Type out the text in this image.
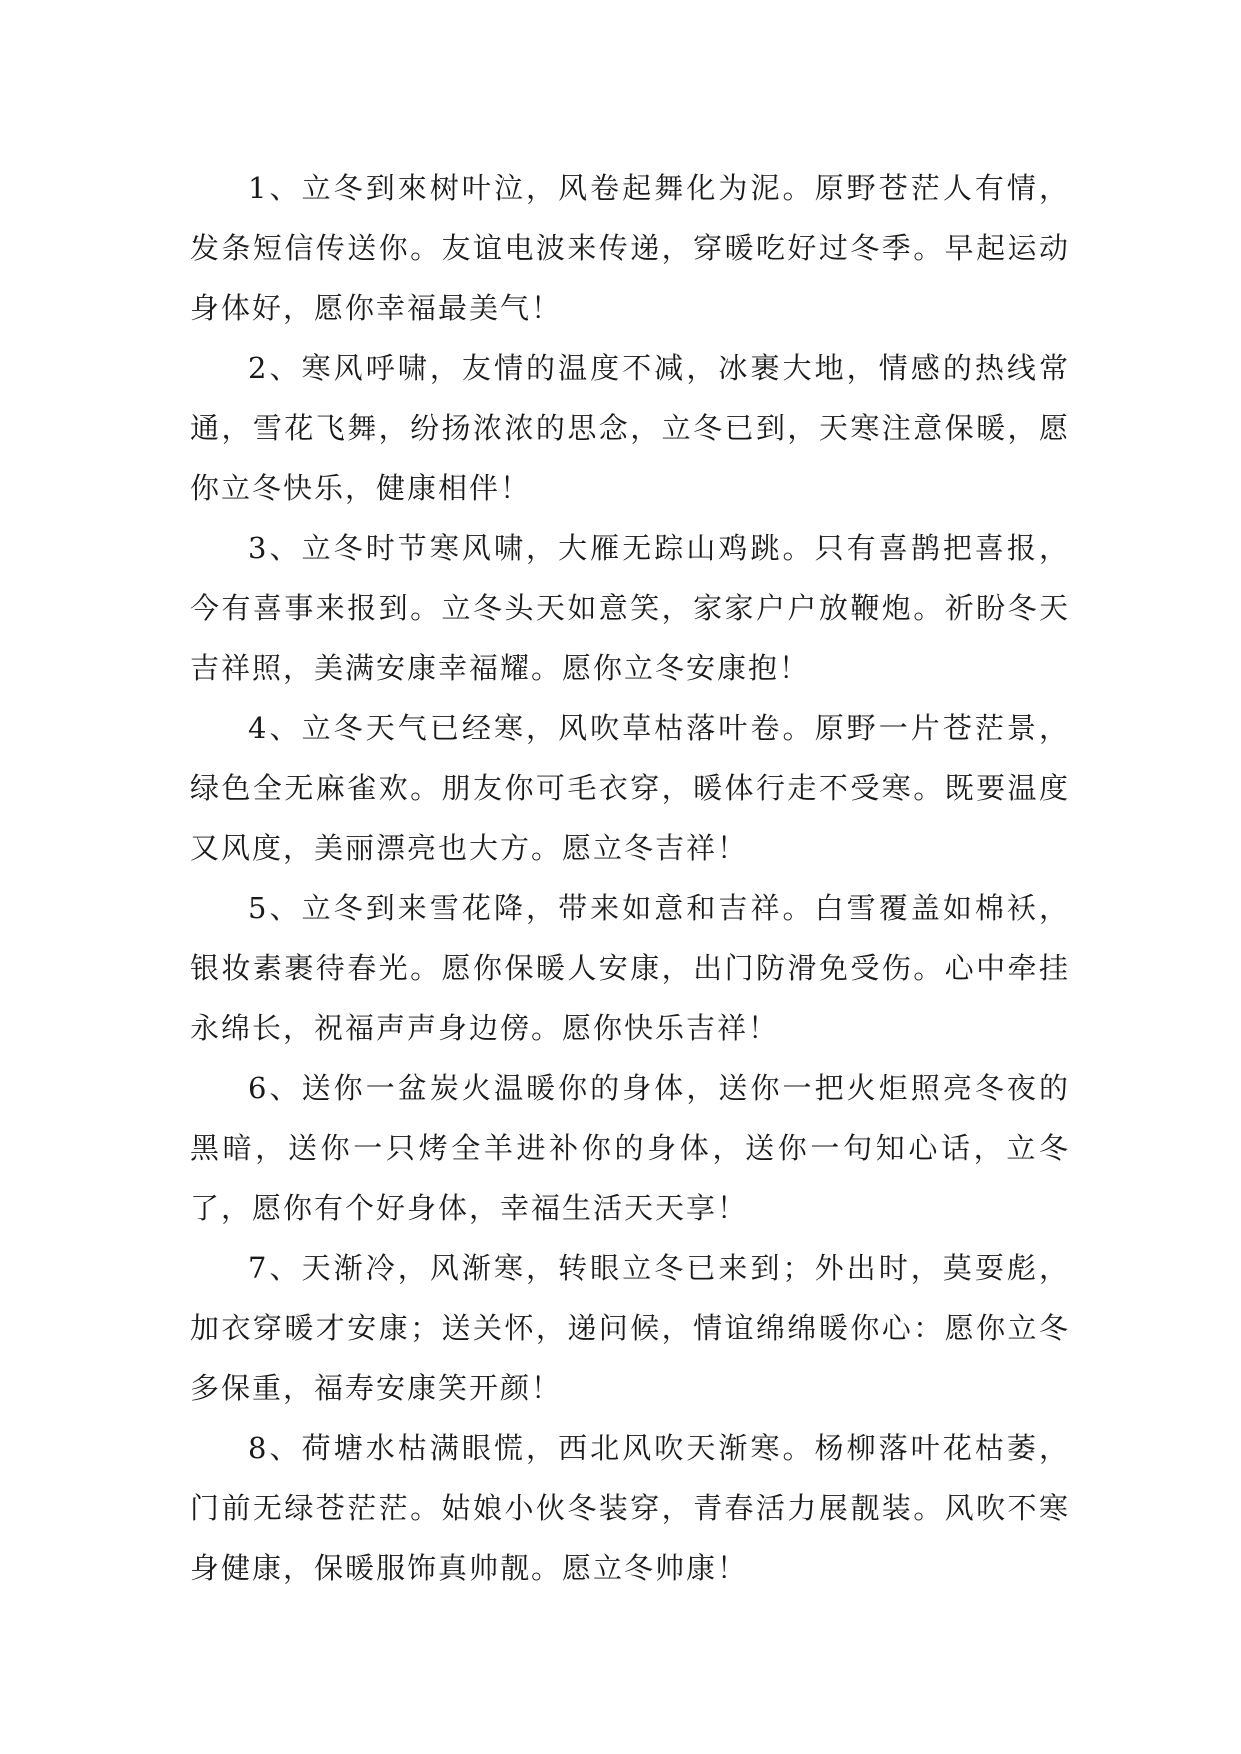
1、立冬到來树叶泣，风卷起舞化为泥。原野苍茫人有情，发条短信传送你。友谊电波来传递，穿暖吃好过冬季。早起运动身体好，愿你幸福最美气！

2、寒风呼啸，友情的温度不减，冰裹大地，情感的热线常通，雪花飞舞，纷扬浓浓的思念，立冬已到，天寒注意保暖，愿你立冬快乐，健康相伴！

3、立冬时节寒风啸，大雁无踪山鸡跳。只有喜鹊把喜报，今有喜事来报到。立冬头天如意笑，家家户户放鞭炮。祈盼冬天吉祥照，美满安康幸福耀。愿你立冬安康抱！

4、立冬天气已经寒，风吹草枯落叶卷。原野一片苍茫景，绿色全无麻雀欢。朋友你可毛衣穿，暖体行走不受寒。既要温度又风度，美丽漂亮也大方。愿立冬吉祥！

5、立冬到来雪花降，带来如意和吉祥。白雪覆盖如棉袄，银妆素裹待春光。愿你保暖人安康，出门防滑免受伤。心中牵挂永绵长，祝福声声身边傍。愿你快乐吉祥！

6、送你一盆炭火温暖你的身体，送你一把火炬照亮冬夜的黑暗，送你一只烤全羊进补你的身体，送你一句知心话，立冬了，愿你有个好身体，幸福生活天天享！

7、天渐冷，风渐寒，转眼立冬已来到；外出时，莫耍彪，加衣穿暖才安康；送关怀，递问候，情谊绵绵暖你心：愿你立冬多保重，福寿安康笑开颜！

8、荷塘水枯满眼慌，西北风吹天渐寒。杨柳落叶花枯萎，门前无绿苍茫茫。姑娘小伙冬装穿，青春活力展靓装。风吹不寒身健康，保暖服饰真帅靓。愿立冬帅康！
